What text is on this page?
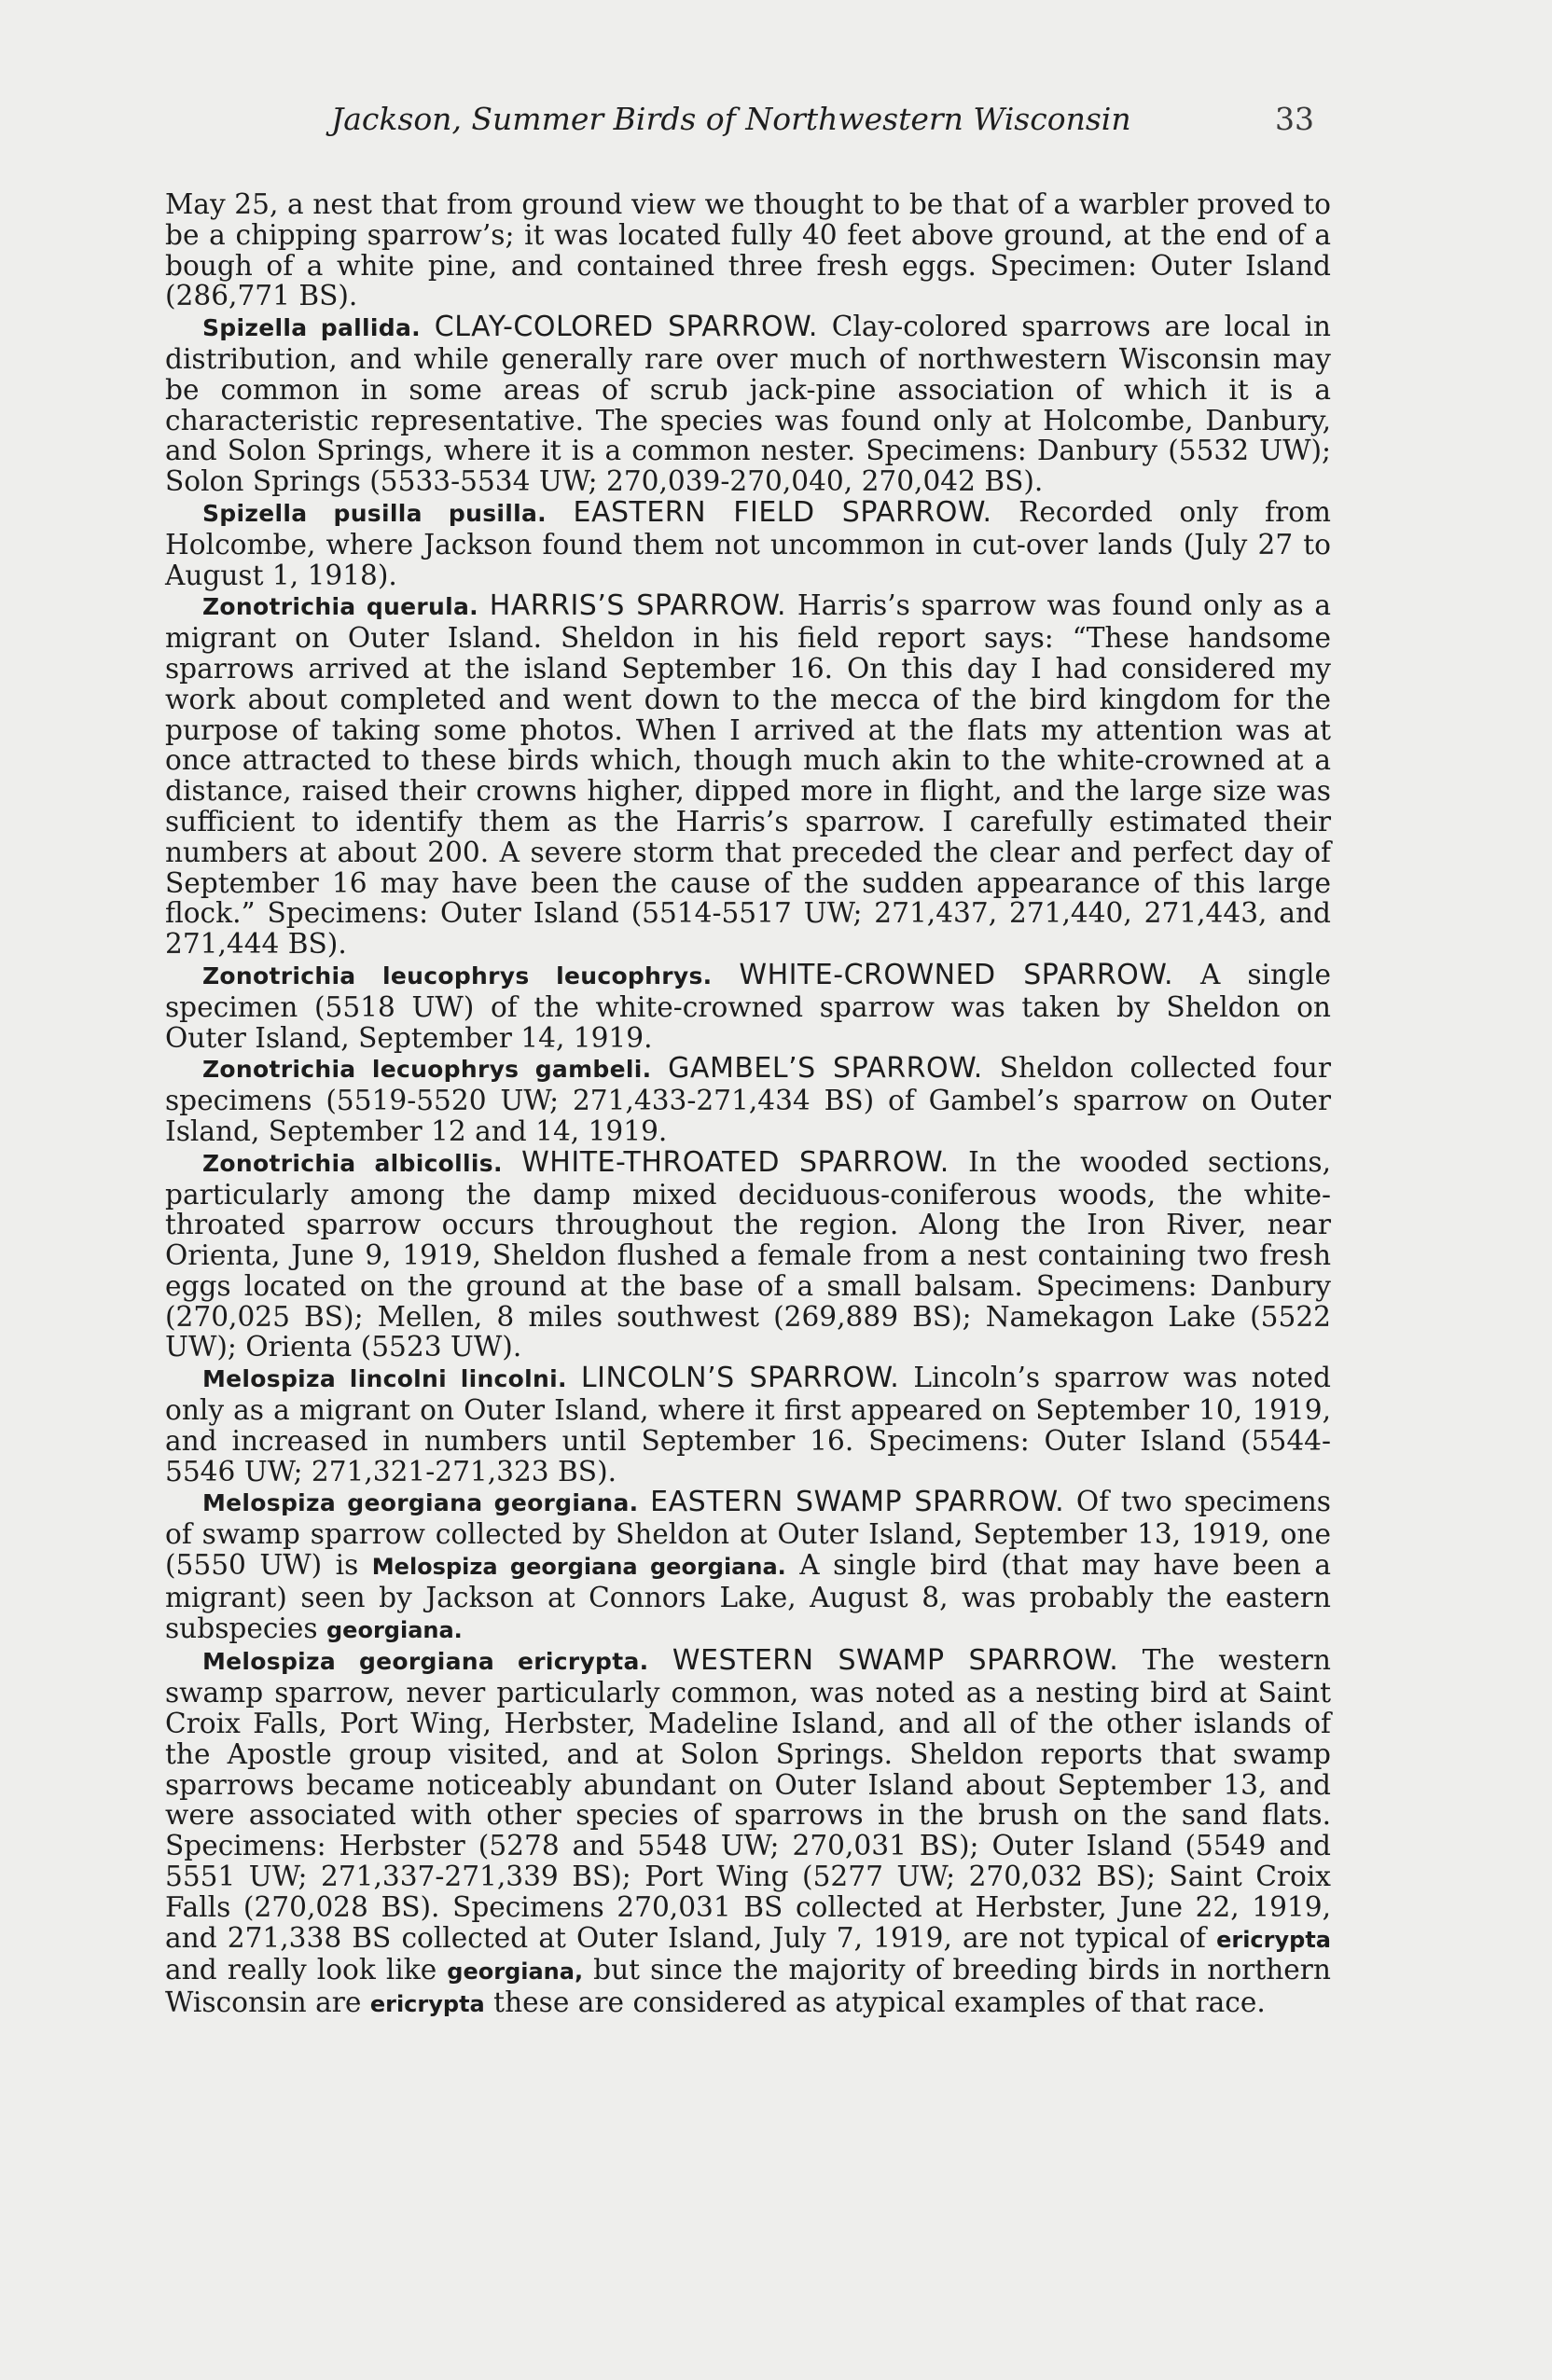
Jackson, Summer Birds of Northwestern Wisconsin	33

May 25, a nest that from ground view we thought to be that of a warbler proved to be a chipping sparrow’s; it was located fully 40 feet above ground, at the end of a bough of a white pine, and contained three fresh eggs. Specimen: Outer Island (286,771 BS).

Spizella pallida. CLAY-COLORED SPARROW. Clay-colored sparrows are local in distribution, and while generally rare over much of northwestern Wisconsin may be common in some areas of scrub jack-pine association of which it is a characteristic representative. The species was found only at Holcombe, Danbury, and Solon Springs, where it is a common nester. Specimens: Danbury (5532 UW); Solon Springs (5533-5534 UW; 270,039-270,040, 270,042 BS).

Spizella pusilla pusilla. EASTERN FIELD SPARROW. Recorded only from Holcombe, where Jackson found them not uncommon in cut-over lands (July 27 to August 1, 1918).

Zonotrichia querula. HARRIS’S SPARROW. Harris’s sparrow was found only as a migrant on Outer Island. Sheldon in his field report says: “These handsome sparrows arrived at the island September 16. On this day I had considered my work about completed and went down to the mecca of the bird kingdom for the purpose of taking some photos. When I arrived at the flats my attention was at once attracted to these birds which, though much akin to the white-crowned at a distance, raised their crowns higher, dipped more in flight, and the large size was sufficient to identify them as the Harris’s sparrow. I carefully estimated their numbers at about 200. A severe storm that preceded the clear and perfect day of September 16 may have been the cause of the sudden appearance of this large flock.” Specimens: Outer Island (5514-5517 UW; 271,437, 271,440, 271,443, and 271,444 BS).

Zonotrichia leucophrys leucophrys. WHITE-CROWNED SPARROW. A single specimen (5518 UW) of the white-crowned sparrow was taken by Sheldon on Outer Island, September 14, 1919.

Zonotrichia lecuophrys gambeli. GAMBEL’S SPARROW. Sheldon collected four specimens (5519-5520 UW; 271,433-271,434 BS) of Gambel’s sparrow on Outer Island, September 12 and 14, 1919.

Zonotrichia albicollis. WHITE-THROATED SPARROW. In the wooded sections, particularly among the damp mixed deciduous-coniferous woods, the white-throated sparrow occurs throughout the region. Along the Iron River, near Orienta, June 9, 1919, Sheldon flushed a female from a nest containing two fresh eggs located on the ground at the base of a small balsam. Specimens: Danbury (270,025 BS); Mellen, 8 miles southwest (269,889 BS); Namekagon Lake (5522 UW); Orienta (5523 UW).

Melospiza lincolni lincolni. LINCOLN’S SPARROW. Lincoln’s sparrow was noted only as a migrant on Outer Island, where it first appeared on September 10, 1919, and increased in numbers until September 16. Specimens: Outer Island (5544-5546 UW; 271,321-271,323 BS).

Melospiza georgiana georgiana. EASTERN SWAMP SPARROW. Of two specimens of swamp sparrow collected by Sheldon at Outer Island, September 13, 1919, one (5550 UW) is Melospiza georgiana georgiana. A single bird (that may have been a migrant) seen by Jackson at Connors Lake, August 8, was probably the eastern subspecies georgiana.

Melospiza georgiana ericrypta. WESTERN SWAMP SPARROW. The western swamp sparrow, never particularly common, was noted as a nesting bird at Saint Croix Falls, Port Wing, Herbster, Madeline Island, and all of the other islands of the Apostle group visited, and at Solon Springs. Sheldon reports that swamp sparrows became noticeably abundant on Outer Island about September 13, and were associated with other species of sparrows in the brush on the sand flats. Specimens: Herbster (5278 and 5548 UW; 270,031 BS); Outer Island (5549 and 5551 UW; 271,337-271,339 BS); Port Wing (5277 UW; 270,032 BS); Saint Croix Falls (270,028 BS). Specimens 270,031 BS collected at Herbster, June 22, 1919, and 271,338 BS collected at Outer Island, July 7, 1919, are not typical of ericrypta and really look like georgiana, but since the majority of breeding birds in northern Wisconsin are ericrypta these are considered as atypical examples of that race.
